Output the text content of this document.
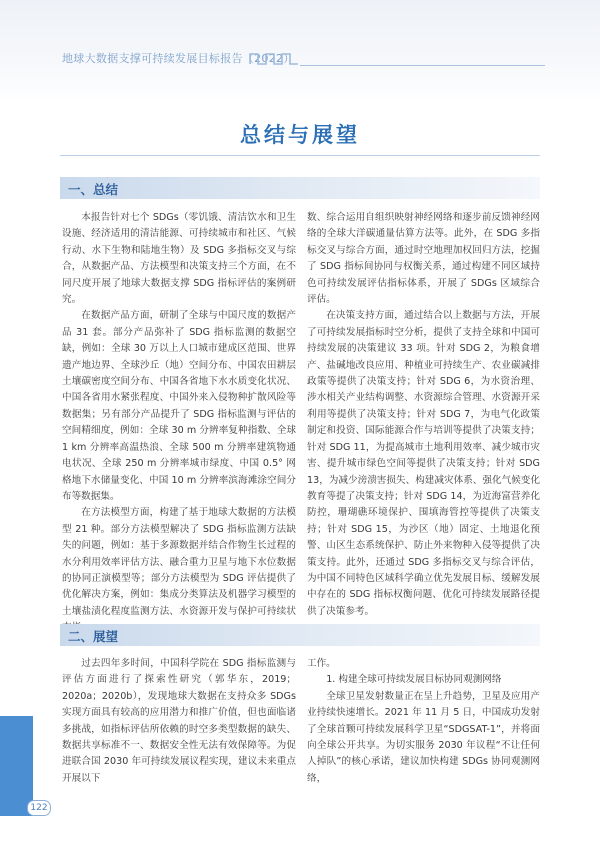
地球大数据支撑可持续发展目标报告（2022）
总结与展望
一、总结

本报告针对七个 SDGs（零饥饿、清洁饮水和卫生设施、经济适用的清洁能源、可持续城市和社区、气候行动、水下生物和陆地生物）及 SDG 多指标交叉与综合，从数据产品、方法模型和决策支持三个方面，在不同尺度开展了地球大数据支撑 SDG 指标评估的案例研究。

在数据产品方面，研制了全球与中国尺度的数据产品 31 套。部分产品弥补了 SDG 指标监测的数据空缺，例如：全球 30 万以上人口城市建成区范围、世界遗产地边界、全球沙丘（地）空间分布、中国农田耕层土壤碳密度空间分布、中国各省地下水水质变化状况、中国各省用水紧张程度、中国外来入侵物种扩散风险等数据集；另有部分产品提升了 SDG 指标监测与评估的空间精细度，例如：全球 30 m 分辨率复种指数、全球 1 km 分辨率高温热浪、全球 500 m 分辨率建筑物通电状况、全球 250 m 分辨率城市绿度、中国 0.5° 网格地下水储量变化、中国 10 m 分辨率滨海滩涂空间分布等数据集。

在方法模型方面，构建了基于地球大数据的方法模型 21 种。部分方法模型解决了 SDG 指标监测方法缺失的问题，例如：基于多源数据并结合作物生长过程的水分利用效率评估方法、融合重力卫星与地下水位数据的协同正演模型等；部分方法模型为 SDG 评估提供了优化解决方案，例如：集成分类算法及机器学习模型的土壤盐渍化程度监测方法、水资源开发与保护可持续状

数、综合运用自组织映射神经网络和逐步前反馈神经网络的全球大洋碳通量估算方法等。此外，在 SDG 多指标交叉与综合方面，通过时空地理加权回归方法，挖掘了 SDG 指标间协同与权衡关系，通过构建不同区域持色可持续发展评估指标体系，开展了 SDGs 区域综合评估。

在决策支持方面，通过结合以上数据与方法，开展了可持续发展指标时空分析，提供了支持全球和中国可持续发展的决策建议 33 项。针对 SDG 2，为粮食增产、盐碱地改良应用、种植业可持续生产、农业碳减排政策等提供了决策支持；针对 SDG 6，为水资治理、涉水相关产业结构调整、水资源综合管理、水资源开采利用等提供了决策支持；针对 SDG 7，为电气化政策制定和投资、国际能源合作与培训等提供了决策支持；针对 SDG 11，为提高城市土地利用效率、减少城市灾害、提升城市绿色空间等提供了决策支持；针对 SDG 13，为减少滂溃害损失、构建减灾体系、强化气候变化教育等提了决策支持；针对 SDG 14，为近海富营养化防控，珊瑚礁环境保护、围填海管控等提供了决策支持；针对 SDG 15，为沙区（地）固定、土地退化预警、山区生态系统保护、防止外来物种入侵等提供了决策支持。此外，还通过 SDG 多指标交叉与综合评估，为中国不同特色区域科学确立优先发展目标、缓解发展中存在的 SDG 指标权衡问题、优化可持续发展路径提供了决策参考。

二、展望

过去四年多时间，中国科学院在 SDG 指标监测与评估方面进行了探索性研究（郭华东，2019；2020a；2020b），发现地球大数据在支持众多 SDGs 实现方面具有较高的应用潜力和推广价值，但也面临诸多挑战，如指标评估所依赖的时空多类型数据的缺失、数据共享标准不一、数据安全性无法有效保障等。为促进联合国 2030 年可持续发展议程实现，建议未来重点开展以下

工作。

1. 构建全球可持续发展目标协同观测网络

全球卫星发射数量正在呈上升趋势，卫星及应用产业持续快速增长。2021 年 11 月 5 日，中国成功发射了全球首颗可持续发展科学卫星“SDGSAT-1”，并将面向全球公开共享。为切实服务 2030 年议程“不让任何人掉队”的核心承诺，建议加快构建 SDGs 协同观测网络，

122
